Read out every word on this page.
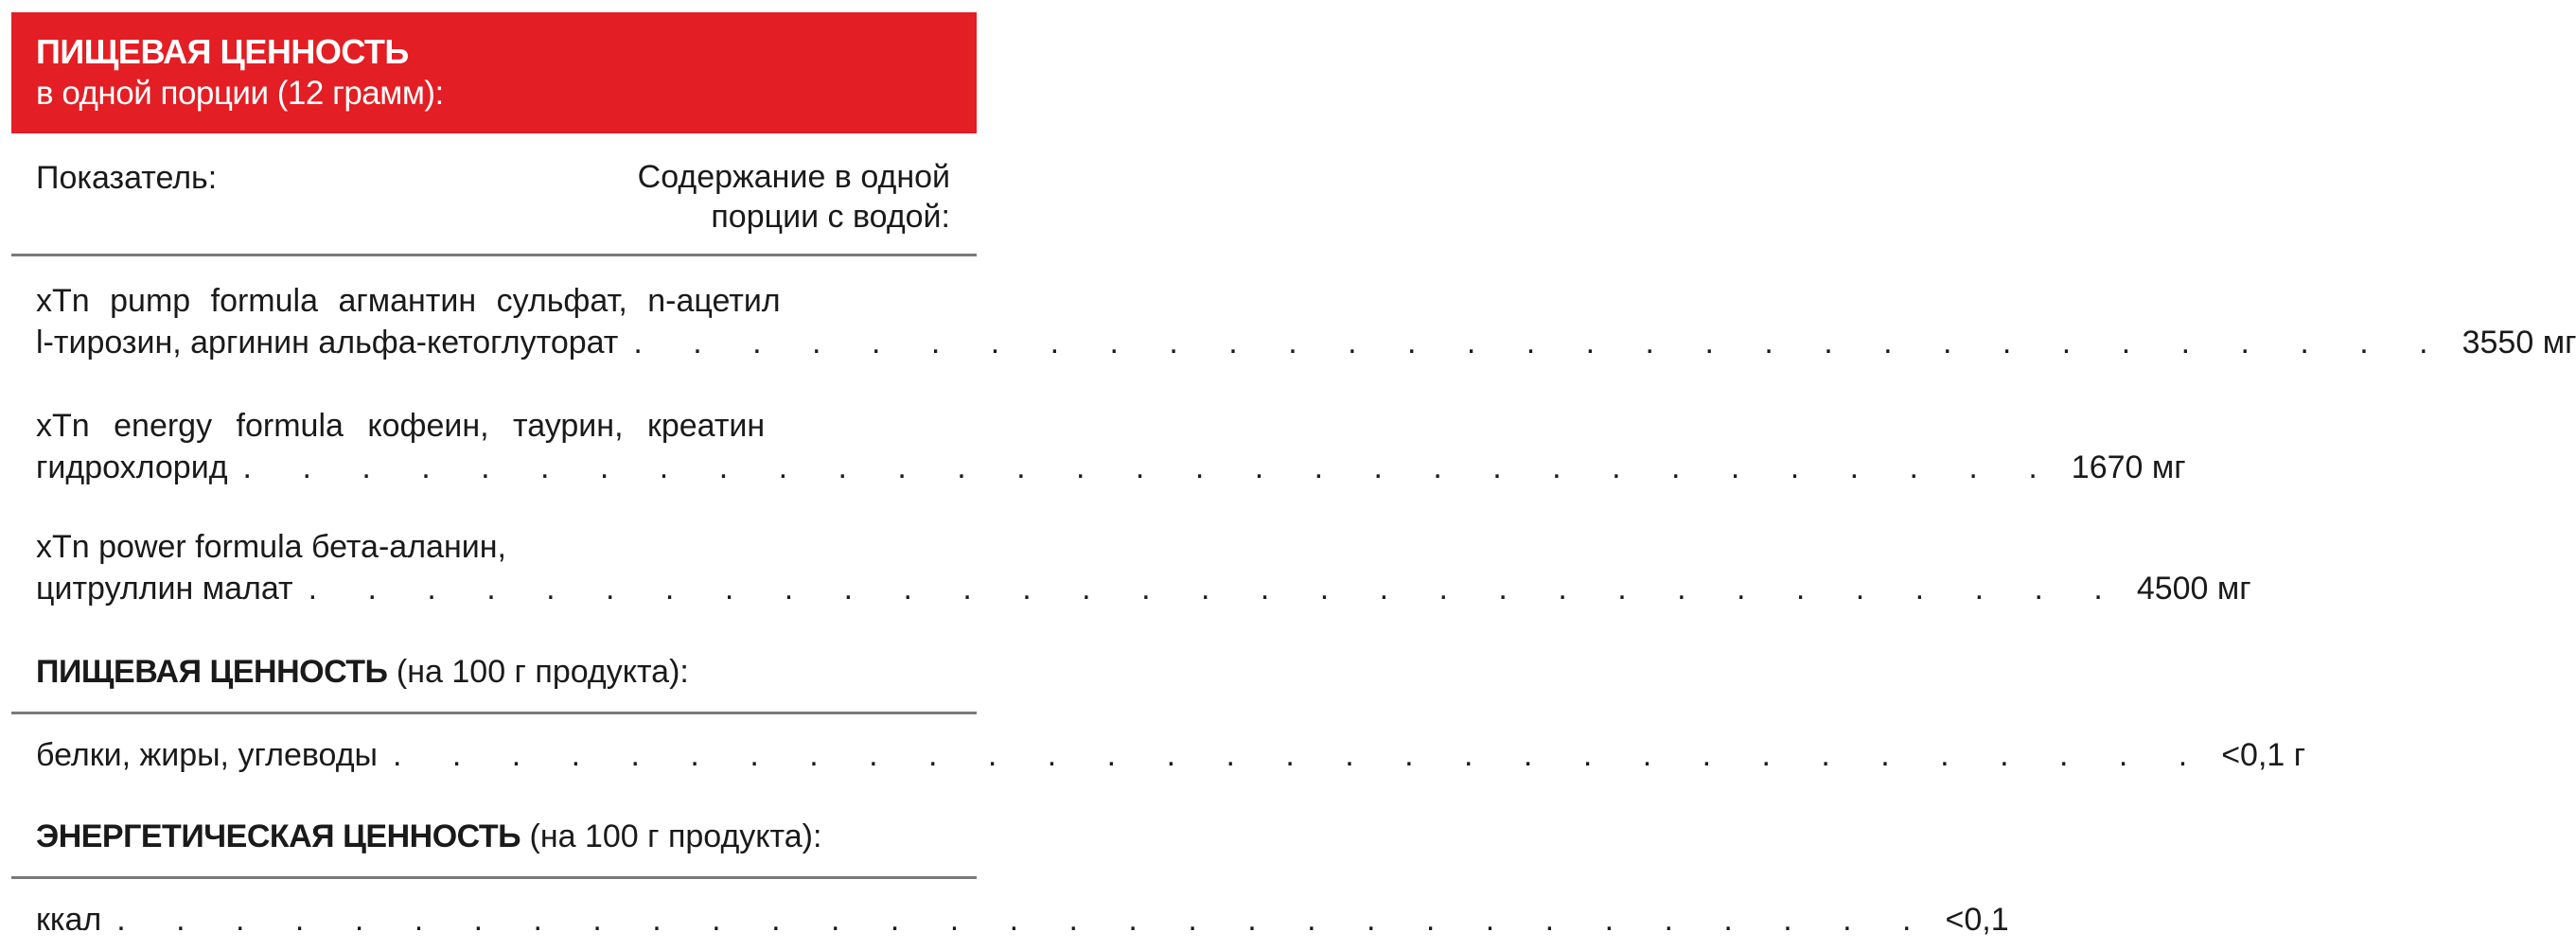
ПИЩЕВАЯ ЦЕННОСТЬ
в одной порции (12 грамм):
Показатель:	Содержание в одной
порции с водой:
xTn pump formula агмантин сульфат, n-ацетил
l-тирозин, аргинин альфа-кетоглуторат . . . . . . . . . . . . . . . . . . . . . . . . . . . . . . . 3550 мг
xTn energy formula кофеин, таурин, креатин
гидрохлорид . . . . . . . . . . . . . . . . . . . . . . . . . . . . . . . 1670 мг
xTn power formula бета-аланин,
цитруллин малат . . . . . . . . . . . . . . . . . . . . . . . . . . . . . . . 4500 мг
ПИЩЕВАЯ ЦЕННОСТЬ (на 100 г продукта):
белки, жиры, углеводы . . . . . . . . . . . . . . . . . . . . . . . . . . . . . . . <0,1 г
ЭНЕРГЕТИЧЕСКАЯ ЦЕННОСТЬ (на 100 г продукта):
ккал . . . . . . . . . . . . . . . . . . . . . . . . . . . . . . . <0,1
